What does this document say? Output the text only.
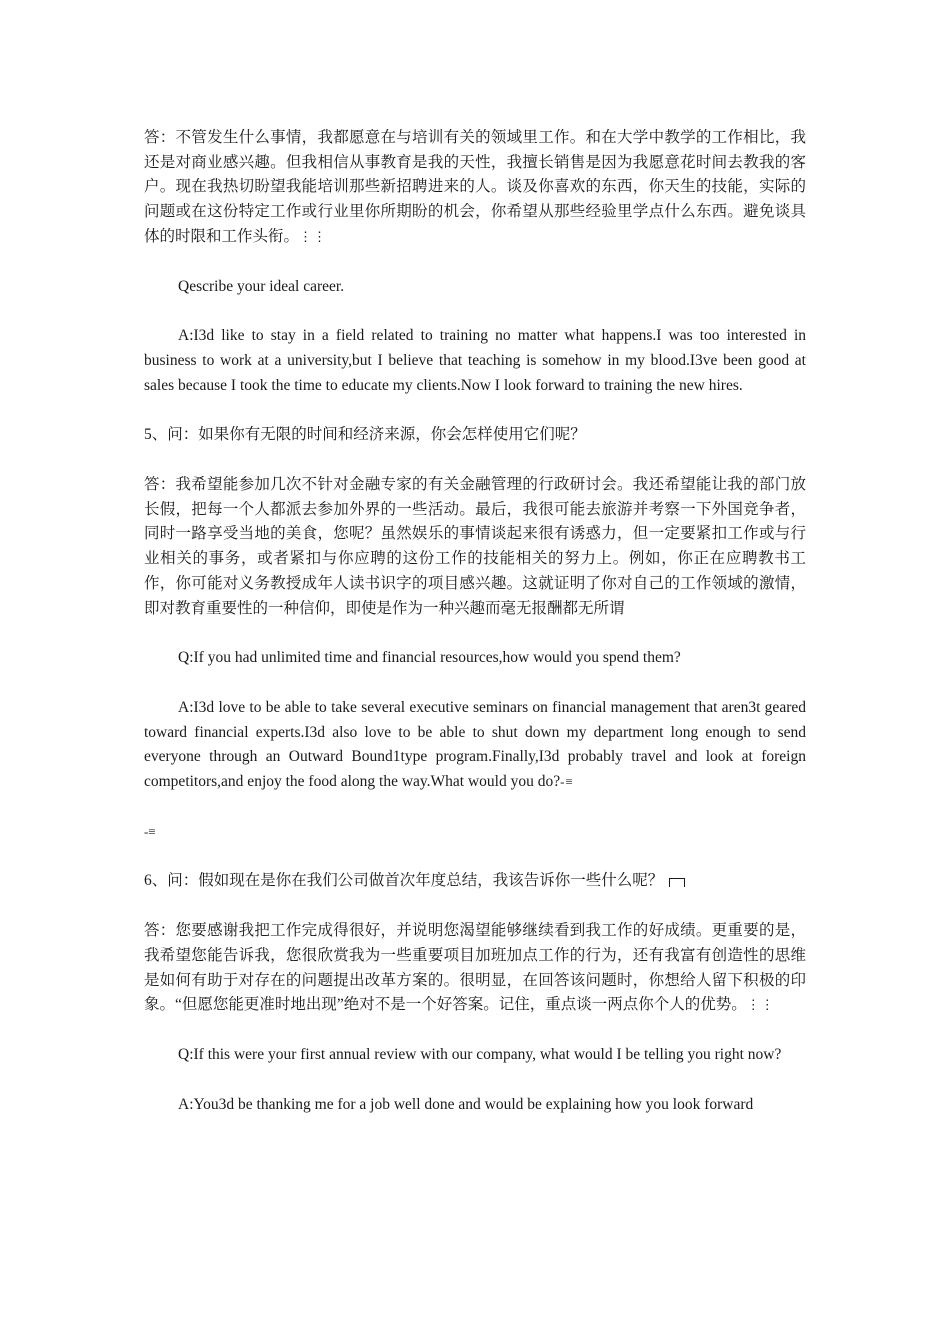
答：不管发生什么事情，我都愿意在与培训有关的领域里工作。和在大学中教学的工作相比，我还是对商业感兴趣。但我相信从事教育是我的天性，我擅长销售是因为我愿意花时间去教我的客户。现在我热切盼望我能培训那些新招聘进来的人。谈及你喜欢的东西，你天生的技能，实际的问题或在这份特定工作或行业里你所期盼的机会，你希望从那些经验里学点什么东西。避免谈具体的时限和工作头衔。⋮⋮

Qescribe your ideal career.

A:I3d like to stay in a field related to training no matter what happens.I was too interested in business to work at a university,but I believe that teaching is somehow in my blood.I3ve been good at sales because I took the time to educate my clients.Now I look forward to training the new hires.

5、问：如果你有无限的时间和经济来源，你会怎样使用它们呢？

答：我希望能参加几次不针对金融专家的有关金融管理的行政研讨会。我还希望能让我的部门放长假，把每一个人都派去参加外界的一些活动。最后，我很可能去旅游并考察一下外国竞争者，同时一路享受当地的美食，您呢？虽然娱乐的事情谈起来很有诱惑力，但一定要紧扣工作或与行业相关的事务，或者紧扣与你应聘的这份工作的技能相关的努力上。例如，你正在应聘教书工作，你可能对义务教授成年人读书识字的项目感兴趣。这就证明了你对自己的工作领域的激情，即对教育重要性的一种信仰，即使是作为一种兴趣而毫无报酬都无所谓

Q:If you had unlimited time and financial resources,how would you spend them?

A:I3d love to be able to take several executive seminars on financial management that aren3t geared toward financial experts.I3d also love to be able to shut down my department long enough to send everyone through an Outward Bound1type program.Finally,I3d probably travel and look at foreign competitors,and enjoy the food along the way.What would you do?-≡

-≡

6、问：假如现在是你在我们公司做首次年度总结，我该告诉你一些什么呢？

答：您要感谢我把工作完成得很好，并说明您渴望能够继续看到我工作的好成绩。更重要的是，我希望您能告诉我，您很欣赏我为一些重要项目加班加点工作的行为，还有我富有创造性的思维是如何有助于对存在的问题提出改革方案的。很明显，在回答该问题时，你想给人留下积极的印象。“但愿您能更准时地出现”绝对不是一个好答案。记住，重点谈一两点你个人的优势。⋮⋮

Q:If this were your first annual review with our company, what would I be telling you right now?

A:You3d be thanking me for a job well done and would be explaining how you look forward
